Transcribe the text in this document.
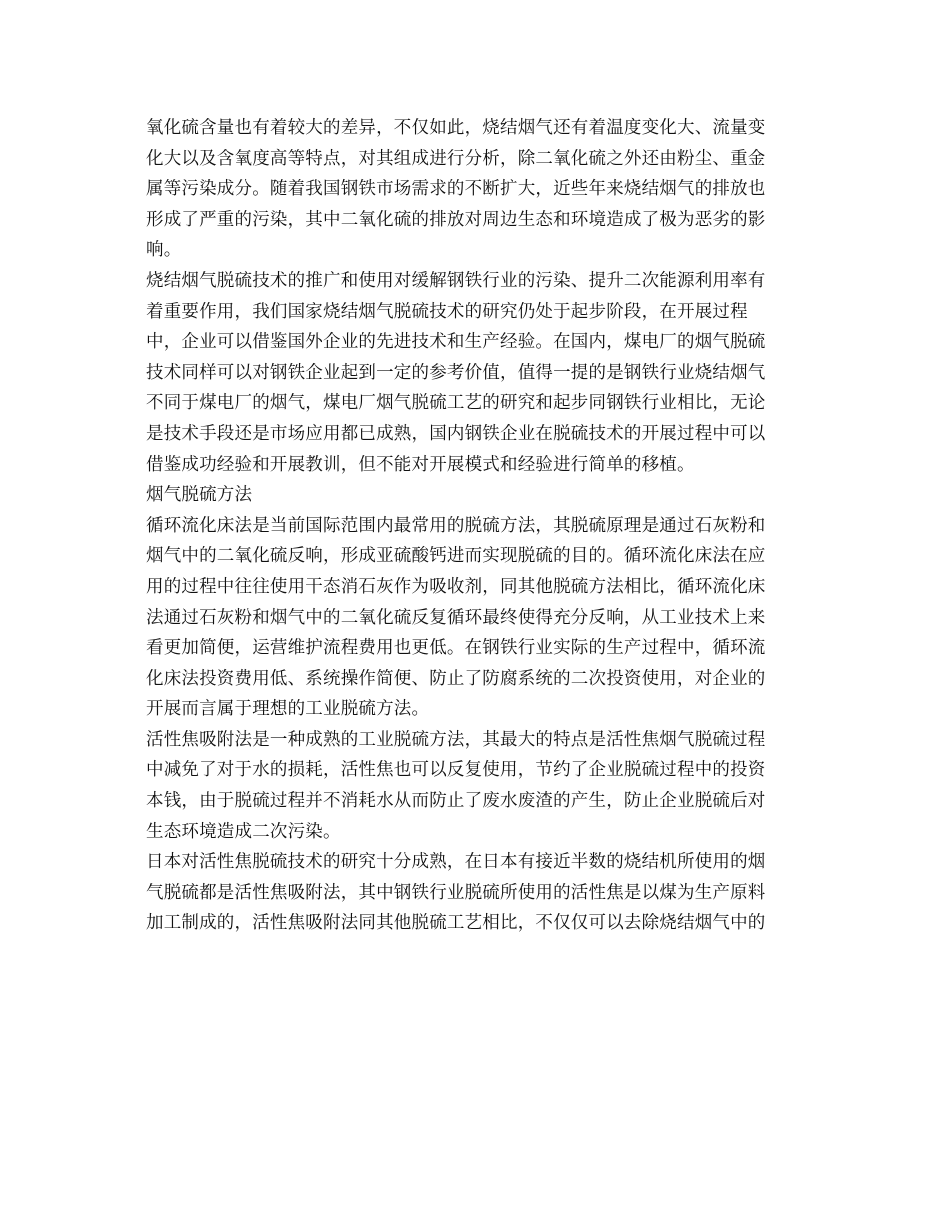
氧化硫含量也有着较大的差异，不仅如此，烧结烟气还有着温度变化大、流量变
化大以及含氧度高等特点，对其组成进行分析，除二氧化硫之外还由粉尘、重金
属等污染成分。随着我国钢铁市场需求的不断扩大，近些年来烧结烟气的排放也
形成了严重的污染，其中二氧化硫的排放对周边生态和环境造成了极为恶劣的影
响。
烧结烟气脱硫技术的推广和使用对缓解钢铁行业的污染、提升二次能源利用率有
着重要作用，我们国家烧结烟气脱硫技术的研究仍处于起步阶段，在开展过程
中，企业可以借鉴国外企业的先进技术和生产经验。在国内，煤电厂的烟气脱硫
技术同样可以对钢铁企业起到一定的参考价值，值得一提的是钢铁行业烧结烟气
不同于煤电厂的烟气，煤电厂烟气脱硫工艺的研究和起步同钢铁行业相比，无论
是技术手段还是市场应用都已成熟，国内钢铁企业在脱硫技术的开展过程中可以
借鉴成功经验和开展教训，但不能对开展模式和经验进行简单的移植。
烟气脱硫方法
循环流化床法是当前国际范围内最常用的脱硫方法，其脱硫原理是通过石灰粉和
烟气中的二氧化硫反响，形成亚硫酸钙进而实现脱硫的目的。循环流化床法在应
用的过程中往往使用干态消石灰作为吸收剂，同其他脱硫方法相比，循环流化床
法通过石灰粉和烟气中的二氧化硫反复循环最终使得充分反响，从工业技术上来
看更加简便，运营维护流程费用也更低。在钢铁行业实际的生产过程中，循环流
化床法投资费用低、系统操作简便、防止了防腐系统的二次投资使用，对企业的
开展而言属于理想的工业脱硫方法。
活性焦吸附法是一种成熟的工业脱硫方法，其最大的特点是活性焦烟气脱硫过程
中减免了对于水的损耗，活性焦也可以反复使用，节约了企业脱硫过程中的投资
本钱，由于脱硫过程并不消耗水从而防止了废水废渣的产生，防止企业脱硫后对
生态环境造成二次污染。
日本对活性焦脱硫技术的研究十分成熟，在日本有接近半数的烧结机所使用的烟
气脱硫都是活性焦吸附法，其中钢铁行业脱硫所使用的活性焦是以煤为生产原料
加工制成的，活性焦吸附法同其他脱硫工艺相比，不仅仅可以去除烧结烟气中的
